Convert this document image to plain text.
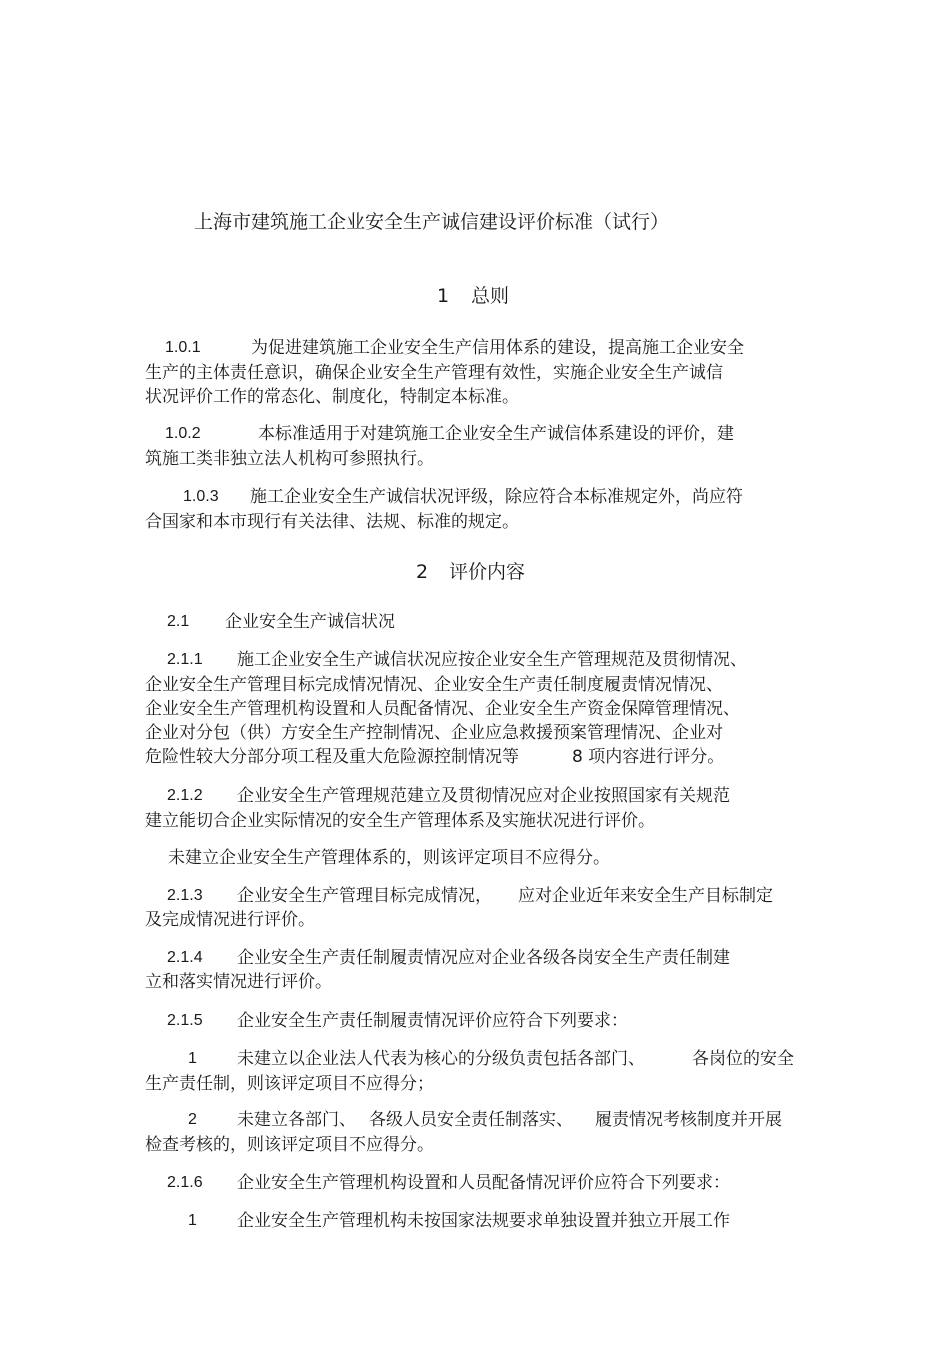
上海市建筑施工企业安全生产诚信建设评价标准（试行）
1 总则
1.0.1	为促进建筑施工企业安全生产信用体系的建设，提高施工企业安全
生产的主体责任意识，确保企业安全生产管理有效性，实施企业安全生产诚信
状况评价工作的常态化、制度化，特制定本标准。
1.0.2	本标准适用于对建筑施工企业安全生产诚信体系建设的评价，建
筑施工类非独立法人机构可参照执行。
1.0.3 施工企业安全生产诚信状况评级，除应符合本标准规定外，尚应符
合国家和本市现行有关法律、法规、标准的规定。
2 评价内容
2.1 企业安全生产诚信状况
2.1.1 施工企业安全生产诚信状况应按企业安全生产管理规范及贯彻情况、
企业安全生产管理目标完成情况情况、企业安全生产责任制度履责情况情况、
企业安全生产管理机构设置和人员配备情况、企业安全生产资金保障管理情况、
企业对分包（供）方安全生产控制情况、企业应急救援预案管理情况、企业对
危险性较大分部分项工程及重大危险源控制情况等	8 项内容进行评分。
2.1.2 企业安全生产管理规范建立及贯彻情况应对企业按照国家有关规范
建立能切合企业实际情况的安全生产管理体系及实施状况进行评价。
未建立企业安全生产管理体系的，则该评定项目不应得分。
2.1.3 企业安全生产管理目标完成情况， 应对企业近年来安全生产目标制定
及完成情况进行评价。
2.1.4 企业安全生产责任制履责情况应对企业各级各岗安全生产责任制建
立和落实情况进行评价。
2.1.5 企业安全生产责任制履责情况评价应符合下列要求：
1 未建立以企业法人代表为核心的分级负责包括各部门、	各岗位的安全
生产责任制，则该评定项目不应得分；
2 未建立各部门、 各级人员安全责任制落实、 履责情况考核制度并开展
检查考核的，则该评定项目不应得分。
2.1.6 企业安全生产管理机构设置和人员配备情况评价应符合下列要求：
1 企业安全生产管理机构未按国家法规要求单独设置并独立开展工作
